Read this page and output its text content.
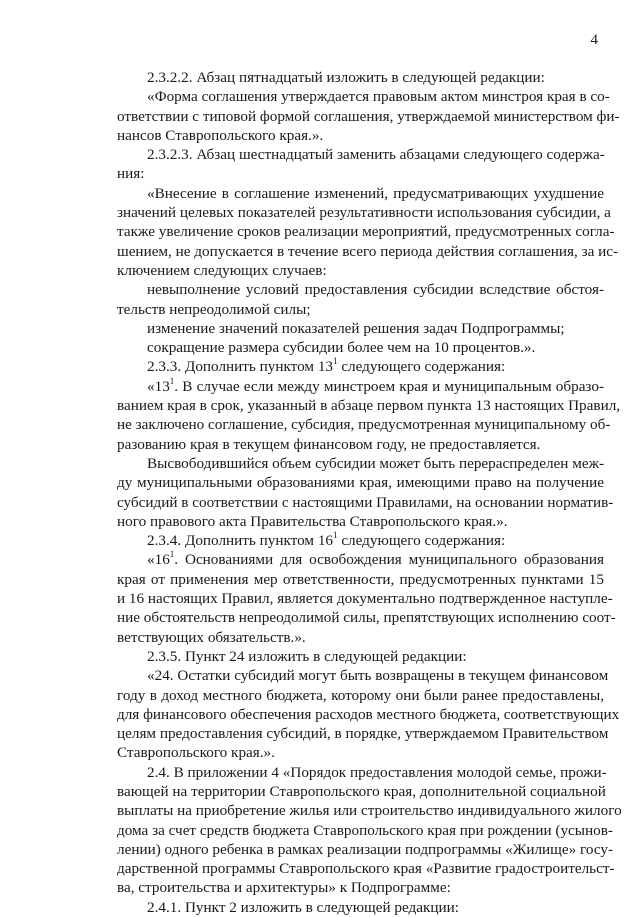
4
2.3.2.2. Абзац пятнадцатый изложить в следующей редакции:
«Форма соглашения утверждается правовым актом минстроя края в со-
ответствии с типовой формой соглашения, утверждаемой министерством фи-
нансов Ставропольского края.».
2.3.2.3. Абзац шестнадцатый заменить абзацами следующего содержа-
ния:
«Внесение в соглашение изменений, предусматривающих ухудшение
значений целевых показателей результативности использования субсидии, а
также увеличение сроков реализации мероприятий, предусмотренных согла-
шением, не допускается в течение всего периода действия соглашения, за ис-
ключением следующих случаев:
невыполнение условий предоставления субсидии вследствие обстоя-
тельств непреодолимой силы;
изменение значений показателей решения задач Подпрограммы;
сокращение размера субсидии более чем на 10 процентов.».
2.3.3. Дополнить пунктом $13^1$ следующего содержания:
«$13^1$. В случае если между минстроем края и муниципальным образо-
ванием края в срок, указанный в абзаце первом пункта 13 настоящих Правил,
не заключено соглашение, субсидия, предусмотренная муниципальному об-
разованию края в текущем финансовом году, не предоставляется.
Высвободившийся объем субсидии может быть перераспределен меж-
ду муниципальными образованиями края, имеющими право на получение
субсидий в соответствии с настоящими Правилами, на основании норматив-
ного правового акта Правительства Ставропольского края.».
2.3.4. Дополнить пунктом $16^1$ следующего содержания:
«$16^1$. Основаниями для освобождения муниципального образования
края от применения мер ответственности, предусмотренных пунктами 15
и 16 настоящих Правил, является документально подтвержденное наступле-
ние обстоятельств непреодолимой силы, препятствующих исполнению соот-
ветствующих обязательств.».
2.3.5. Пункт 24 изложить в следующей редакции:
«24. Остатки субсидий могут быть возвращены в текущем финансовом
году в доход местного бюджета, которому они были ранее предоставлены,
для финансового обеспечения расходов местного бюджета, соответствующих
целям предоставления субсидий, в порядке, утверждаемом Правительством
Ставропольского края.».
2.4. В приложении 4 «Порядок предоставления молодой семье, прожи-
вающей на территории Ставропольского края, дополнительной социальной
выплаты на приобретение жилья или строительство индивидуального жилого
дома за счет средств бюджета Ставропольского края при рождении (усынов-
лении) одного ребенка в рамках реализации подпрограммы «Жилище» госу-
дарственной программы Ставропольского края «Развитие градостроительст-
ва, строительства и архитектуры» к Подпрограмме:
2.4.1. Пункт 2 изложить в следующей редакции:
